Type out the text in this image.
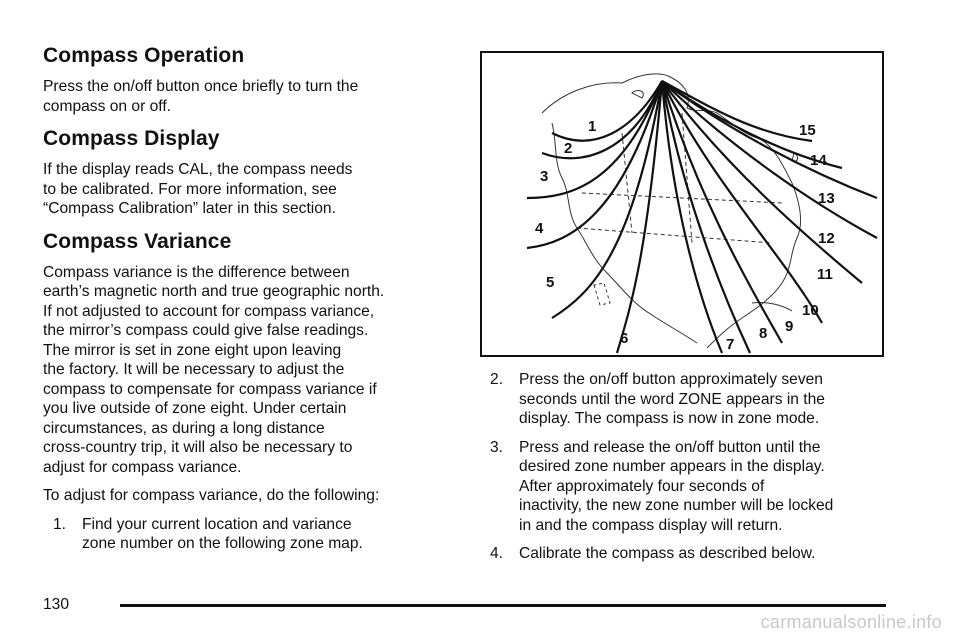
Compass Operation
Press the on/off button once briefly to turn the
compass on or off.
Compass Display
If the display reads CAL, the compass needs
to be calibrated. For more information, see
“Compass Calibration” later in this section.
Compass Variance
Compass variance is the difference between
earth’s magnetic north and true geographic north.
If not adjusted to account for compass variance,
the mirror’s compass could give false readings.
The mirror is set in zone eight upon leaving
the factory. It will be necessary to adjust the
compass to compensate for compass variance if
you live outside of zone eight. Under certain
circumstances, as during a long distance
cross-country trip, it will also be necessary to
adjust for compass variance.
To adjust for compass variance, do the following:
1. Find your current location and variance
zone number on the following zone map.
1
2
3
4
5
6	7
8 9
10
11
12
13
14
15
2. Press the on/off button approximately seven
seconds until the word ZONE appears in the
display. The compass is now in zone mode.
3. Press and release the on/off button until the
desired zone number appears in the display.
After approximately four seconds of
inactivity, the new zone number will be locked
in and the compass display will return.
4. Calibrate the compass as described below.
130
carmanualsonline.info
